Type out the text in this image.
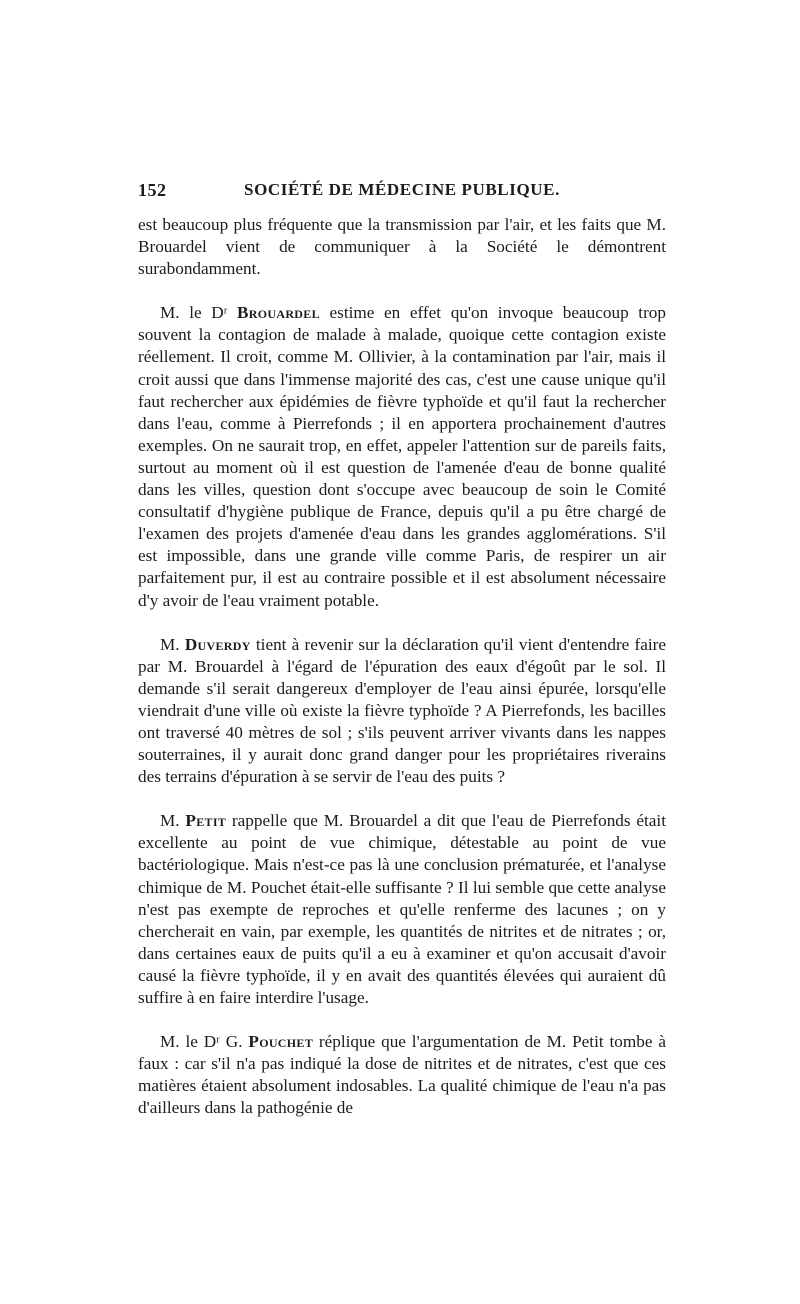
152	SOCIÉTÉ DE MÉDECINE PUBLIQUE.

est beaucoup plus fréquente que la transmission par l'air, et les faits que M. Brouardel vient de communiquer à la Société le démontrent surabondamment.

M. le Dʳ Brouardel estime en effet qu'on invoque beaucoup trop souvent la contagion de malade à malade, quoique cette contagion existe réellement. Il croit, comme M. Ollivier, à la contamination par l'air, mais il croit aussi que dans l'immense majorité des cas, c'est une cause unique qu'il faut rechercher aux épidémies de fièvre typhoïde et qu'il faut la rechercher dans l'eau, comme à Pierrefonds ; il en apportera prochainement d'autres exemples. On ne saurait trop, en effet, appeler l'attention sur de pareils faits, surtout au moment où il est question de l'amenée d'eau de bonne qualité dans les villes, question dont s'occupe avec beaucoup de soin le Comité consultatif d'hygiène publique de France, depuis qu'il a pu être chargé de l'examen des projets d'amenée d'eau dans les grandes agglomérations. S'il est impossible, dans une grande ville comme Paris, de respirer un air parfaitement pur, il est au contraire possible et il est absolument nécessaire d'y avoir de l'eau vraiment potable.

M. Duverdy tient à revenir sur la déclaration qu'il vient d'entendre faire par M. Brouardel à l'égard de l'épuration des eaux d'égoût par le sol. Il demande s'il serait dangereux d'employer de l'eau ainsi épurée, lorsqu'elle viendrait d'une ville où existe la fièvre typhoïde ? A Pierrefonds, les bacilles ont traversé 40 mètres de sol ; s'ils peuvent arriver vivants dans les nappes souterraines, il y aurait donc grand danger pour les propriétaires riverains des terrains d'épuration à se servir de l'eau des puits ?

M. Petit rappelle que M. Brouardel a dit que l'eau de Pierrefonds était excellente au point de vue chimique, détestable au point de vue bactériologique. Mais n'est-ce pas là une conclusion prématurée, et l'analyse chimique de M. Pouchet était-elle suffisante ? Il lui semble que cette analyse n'est pas exempte de reproches et qu'elle renferme des lacunes ; on y chercherait en vain, par exemple, les quantités de nitrites et de nitrates ; or, dans certaines eaux de puits qu'il a eu à examiner et qu'on accusait d'avoir causé la fièvre typhoïde, il y en avait des quantités élevées qui auraient dû suffire à en faire interdire l'usage.

M. le Dʳ G. Pouchet réplique que l'argumentation de M. Petit tombe à faux : car s'il n'a pas indiqué la dose de nitrites et de nitrates, c'est que ces matières étaient absolument indosables. La qualité chimique de l'eau n'a pas d'ailleurs dans la pathogénie de
